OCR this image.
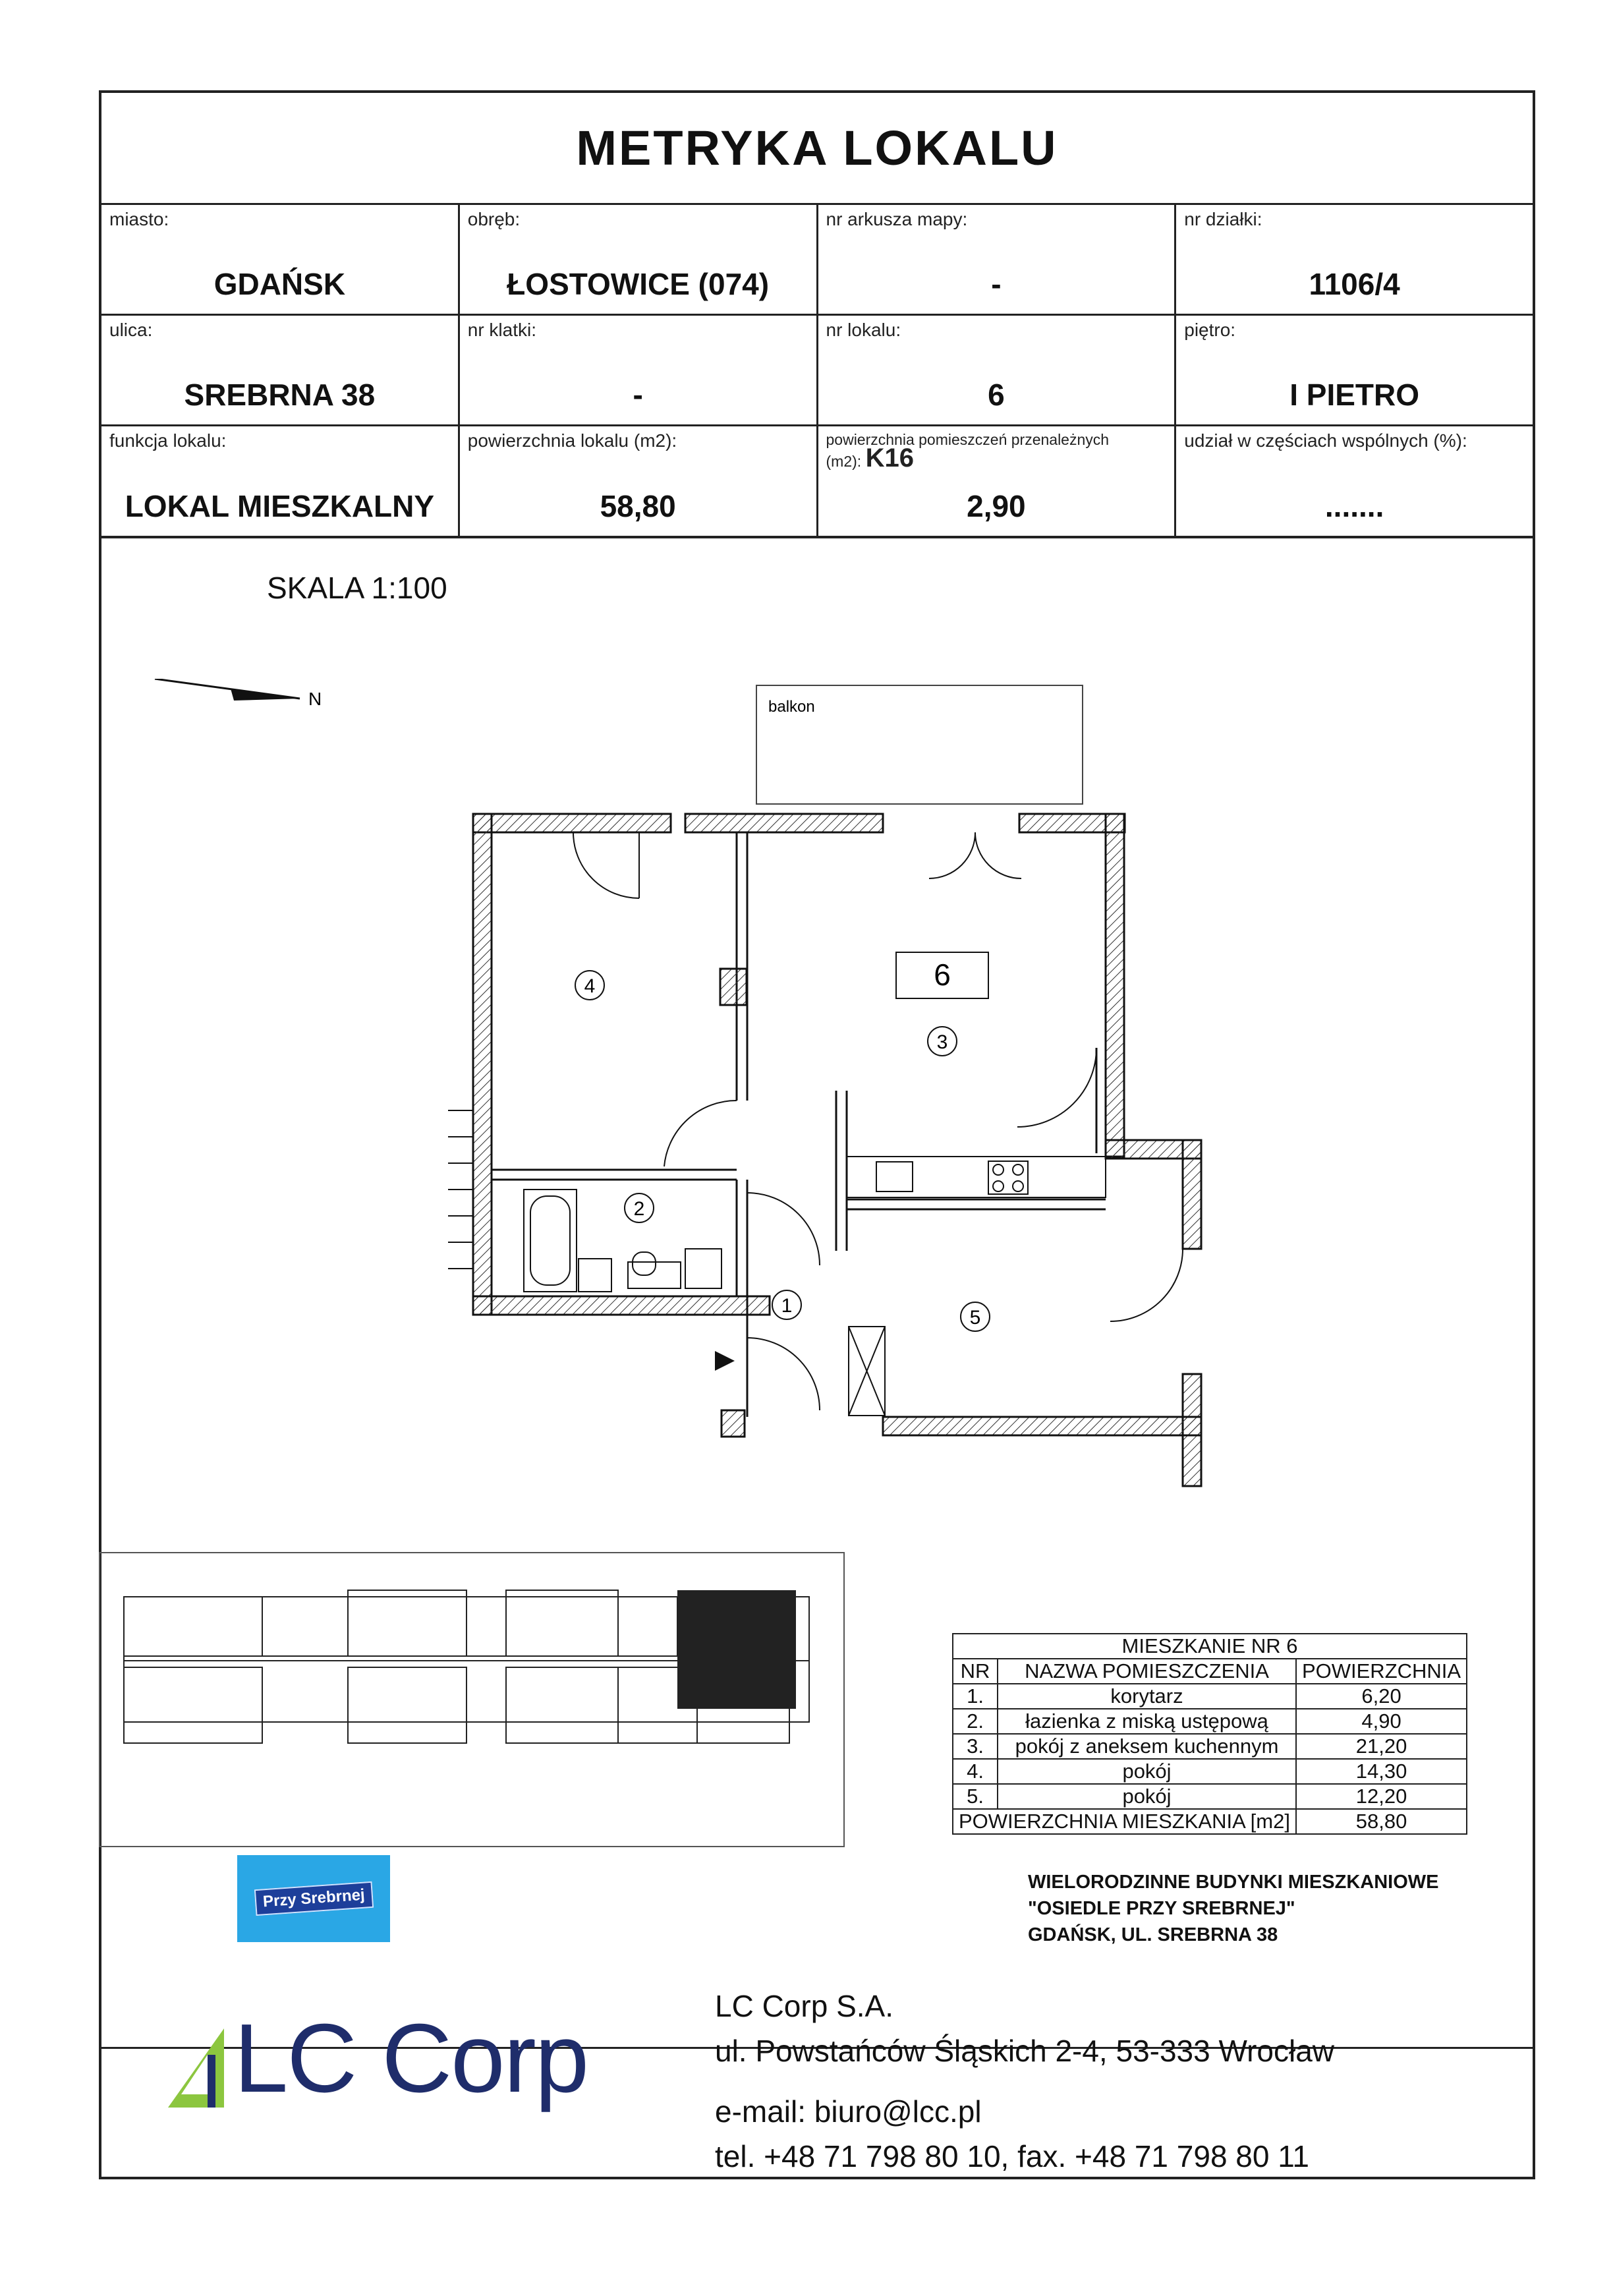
METRYKA LOKALU
miasto:
GDAŃSK
obręb:
ŁOSTOWICE (074)
nr arkusza mapy:
-
nr działki:
1106/4
ulica:
SREBRNA 38
nr klatki:
-
nr lokalu:
6
piętro:
I PIETRO
funkcja lokalu:
LOKAL MIESZKALNY
powierzchnia lokalu (m2):
58,80
powierzchnia pomieszczeń przenależnych
(m2): K16
2,90
udział w częściach wspólnych (%):
.......
SKALA 1:100
N	balkon
6
1
2
3
4
5
MIESZKANIE NR 6		
NR	NAZWA POMIESZCZENIA	POWIERZCHNIA
1.	korytarz	6,20
2.	łazienka z miską ustępową	4,90
3.	pokój z aneksem kuchennym	21,20
4.	pokój	14,30
5.	pokój	12,20
POWIERZCHNIA MIESZKANIA [m2]		58,80
Przy Srebrnej
WIELORODZINNE BUDYNKI MIESZKANIOWE
"OSIEDLE PRZY SREBRNEJ"
GDAŃSK, UL. SREBRNA 38
LC Corp	LC Corp S.A.
ul. Powstańców Śląskich 2-4, 53-333 Wrocław
e-mail: biuro@lcc.pl
tel. +48 71 798 80 10, fax. +48 71 798 80 11
